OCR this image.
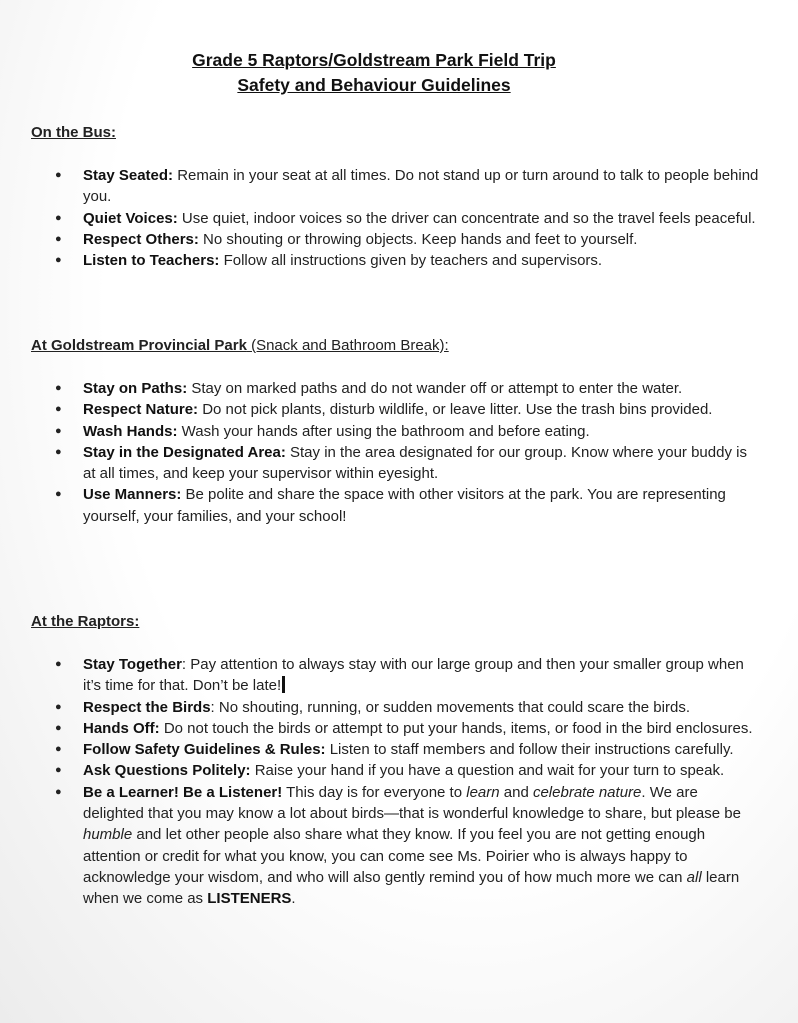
Grade 5 Raptors/Goldstream Park Field Trip
Safety and Behaviour Guidelines
On the Bus:
● Stay Seated: Remain in your seat at all times. Do not stand up or turn around to talk to people behind you.
● Quiet Voices: Use quiet, indoor voices so the driver can concentrate and so the travel feels peaceful.
● Respect Others: No shouting or throwing objects. Keep hands and feet to yourself.
● Listen to Teachers: Follow all instructions given by teachers and supervisors.
At Goldstream Provincial Park (Snack and Bathroom Break):
● Stay on Paths: Stay on marked paths and do not wander off or attempt to enter the water.
● Respect Nature: Do not pick plants, disturb wildlife, or leave litter. Use the trash bins provided.
● Wash Hands: Wash your hands after using the bathroom and before eating.
● Stay in the Designated Area: Stay in the area designated for our group. Know where your buddy is at all times, and keep your supervisor within eyesight.
● Use Manners: Be polite and share the space with other visitors at the park. You are representing yourself, your families, and your school!
At the Raptors:
● Stay Together: Pay attention to always stay with our large group and then your smaller group when it’s time for that. Don’t be late!
● Respect the Birds: No shouting, running, or sudden movements that could scare the birds.
● Hands Off: Do not touch the birds or attempt to put your hands, items, or food in the bird enclosures.
● Follow Safety Guidelines & Rules: Listen to staff members and follow their instructions carefully.
● Ask Questions Politely: Raise your hand if you have a question and wait for your turn to speak.
● Be a Learner! Be a Listener! This day is for everyone to learn and celebrate nature. We are delighted that you may know a lot about birds—that is wonderful knowledge to share, but please be humble and let other people also share what they know. If you feel you are not getting enough attention or credit for what you know, you can come see Ms. Poirier who is always happy to acknowledge your wisdom, and who will also gently remind you of how much more we can all learn when we come as LISTENERS.
